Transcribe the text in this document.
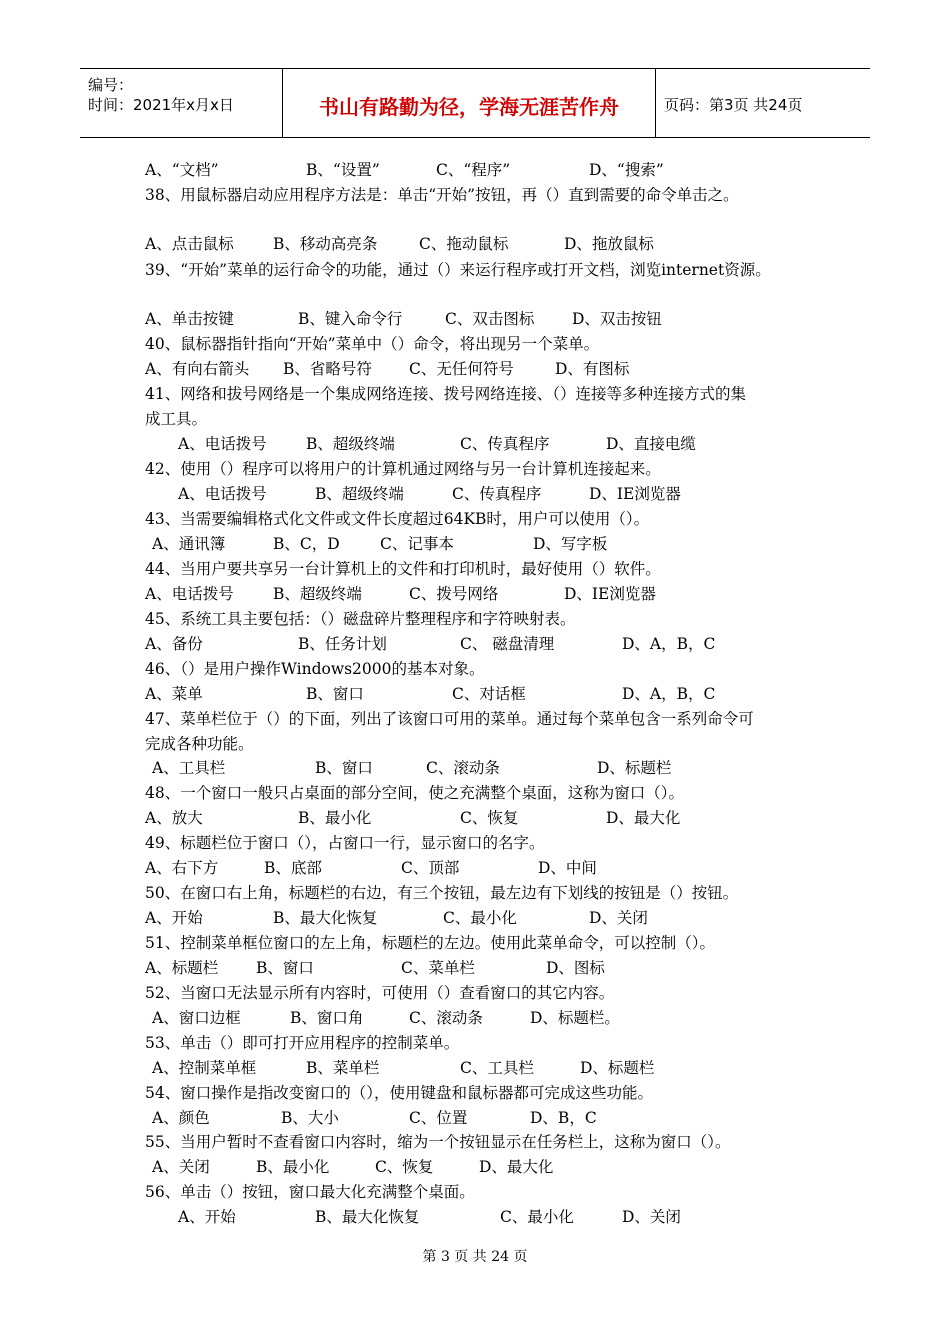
编号：
时间：2021年x月x日	书山有路勤为径，学海无涯苦作舟	页码：第3页 共24页
A、“文档”	B、“设置”	C、“程序”	D、“搜索”
38、用鼠标器启动应用程序方法是：单击“开始”按钮，再（）直到需要的命令单击之。
A、点击鼠标	B、移动高亮条	C、拖动鼠标	D、拖放鼠标
39、“开始”菜单的运行命令的功能，通过（）来运行程序或打开文档，浏览internet资源。
A、单击按键	B、键入命令行	C、双击图标 D、双击按钮
40、鼠标器指针指向“开始”菜单中（）命令，将出现另一个菜单。
A、有向右箭头 B、省略号符 C、无任何符号	D、有图标
41、网络和拔号网络是一个集成网络连接、拨号网络连接、（）连接等多种连接方式的集
成工具。
A、电话拨号	B、超级终端	C、传真程序	D、直接电缆
42、使用（）程序可以将用户的计算机通过网络与另一台计算机连接起来。
A、电话拨号	B、超级终端	C、传真程序	D、IE浏览器
43、当需要编辑格式化文件或文件长度超过64KB时，用户可以使用（）。
A、通讯簿	B、C，D	C、记事本	D、写字板
44、当用户要共享另一台计算机上的文件和打印机时，最好使用（）软件。
A、电话拨号	B、超级终端	C、拨号网络	D、IE浏览器
45、系统工具主要包括：（）磁盘碎片整理程序和字符映射表。
A、备份	B、任务计划	C、 磁盘清理	D、A，B，C
46、（）是用户操作Windows2000的基本对象。
A、菜单	B、窗口	C、对话框	D、A，B，C
47、菜单栏位于（）的下面，列出了该窗口可用的菜单。通过每个菜单包含一系列命令可
完成各种功能。
A、工具栏	B、窗口	C、滚动条	D、标题栏
48、一个窗口一般只占桌面的部分空间，使之充满整个桌面，这称为窗口（）。
A、放大	B、最小化	C、恢复	D、最大化
49、标题栏位于窗口（），占窗口一行，显示窗口的名字。
A、右下方	B、底部	C、顶部	D、中间
50、在窗口右上角，标题栏的右边，有三个按钮，最左边有下划线的按钮是（）按钮。
A、开始	B、最大化恢复	C、最小化	D、关闭
51、控制菜单框位窗口的左上角，标题栏的左边。使用此菜单命令，可以控制（）。
A、标题栏 B、窗口	C、菜单栏	D、图标
52、当窗口无法显示所有内容时，可使用（）查看窗口的其它内容。
A、窗口边框	B、窗口角	C、滚动条	D、标题栏。
53、单击（）即可打开应用程序的控制菜单。
A、控制菜单框	B、菜单栏	C、工具栏	D、标题栏
54、窗口操作是指改变窗口的（），使用键盘和鼠标器都可完成这些功能。
A、颜色	B、大小	C、位置	D、B，C
55、当用户暂时不查看窗口内容时，缩为一个按钮显示在任务栏上，这称为窗口（）。
A、关闭	B、最小化	C、恢复	D、最大化
56、单击（）按钮，窗口最大化充满整个桌面。
A、开始	B、最大化恢复	C、最小化	D、关闭
第 3 页 共 24 页
